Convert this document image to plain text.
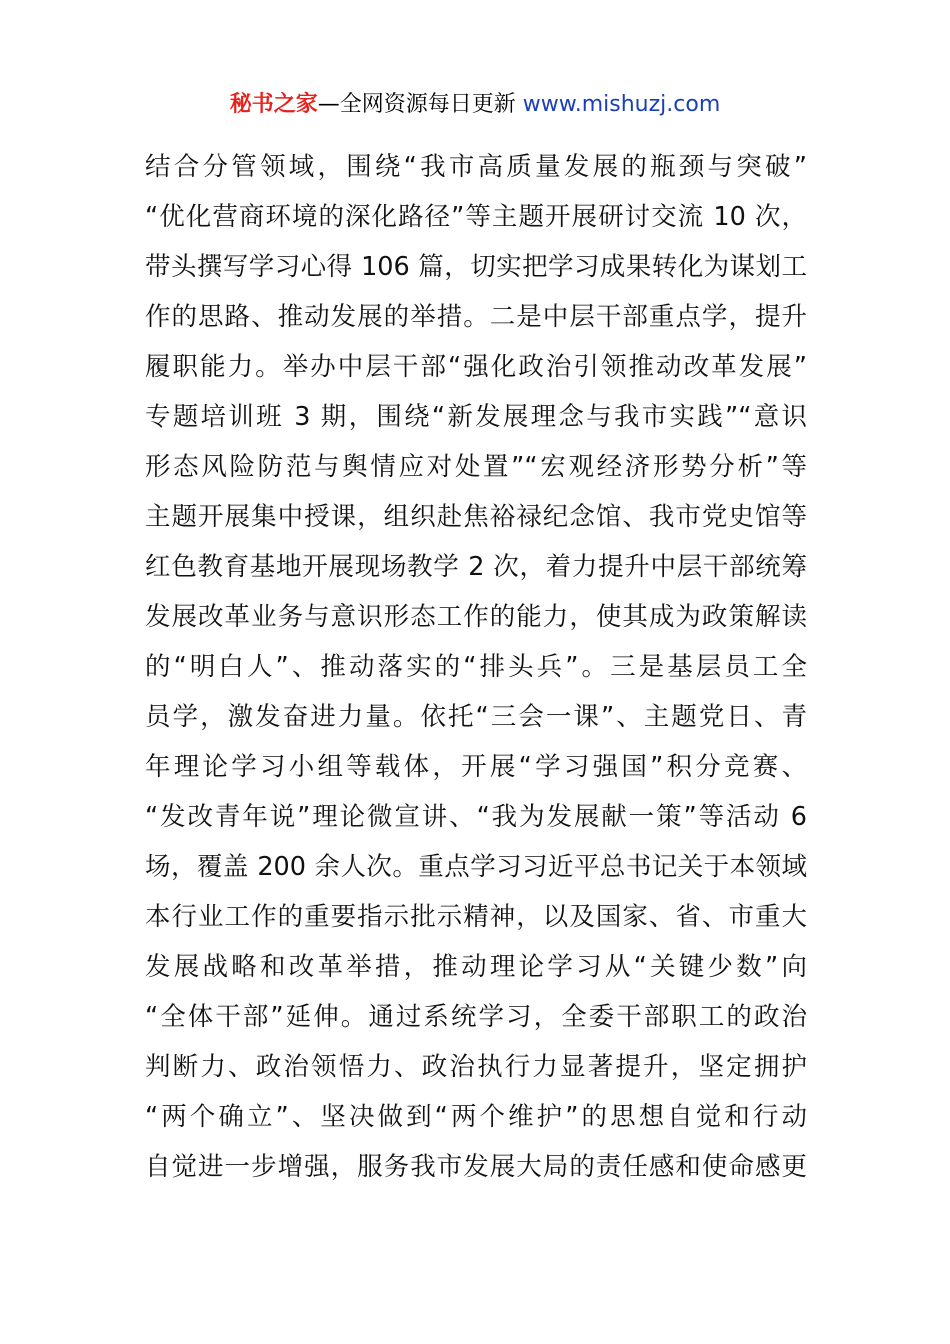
秘书之家—全网资源每日更新 www.mishuzj.com
结合分管领域，围绕“我市高质量发展的瓶颈与突破”
“优化营商环境的深化路径”等主题开展研讨交流 10 次，
带头撰写学习心得 106 篇，切实把学习成果转化为谋划工
作的思路、推动发展的举措。二是中层干部重点学，提升
履职能力。举办中层干部“强化政治引领推动改革发展”
专题培训班 3 期，围绕“新发展理念与我市实践”“意识
形态风险防范与舆情应对处置”“宏观经济形势分析”等
主题开展集中授课，组织赴焦裕禄纪念馆、我市党史馆等
红色教育基地开展现场教学 2 次，着力提升中层干部统筹
发展改革业务与意识形态工作的能力，使其成为政策解读
的“明白人”、推动落实的“排头兵”。三是基层员工全
员学，激发奋进力量。依托“三会一课”、主题党日、青
年理论学习小组等载体，开展“学习强国”积分竞赛、
“发改青年说”理论微宣讲、“我为发展献一策”等活动 6
场，覆盖 200 余人次。重点学习习近平总书记关于本领域
本行业工作的重要指示批示精神，以及国家、省、市重大
发展战略和改革举措，推动理论学习从“关键少数”向
“全体干部”延伸。通过系统学习，全委干部职工的政治
判断力、政治领悟力、政治执行力显著提升，坚定拥护
“两个确立”、坚决做到“两个维护”的思想自觉和行动
自觉进一步增强，服务我市发展大局的责任感和使命感更
